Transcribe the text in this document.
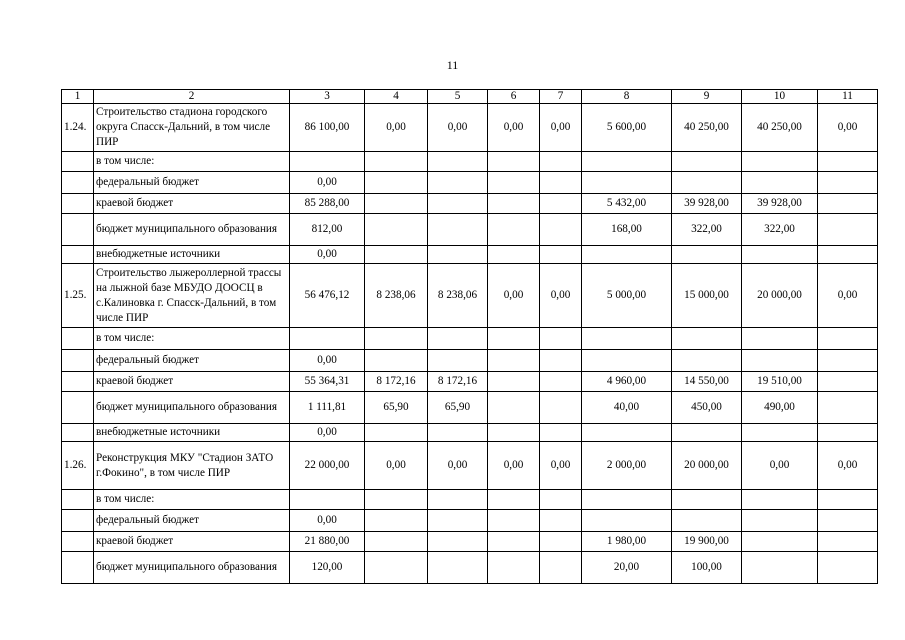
11
1	2	3	4	5	6	7	8	9	10	11
1.24.	Строительство стадиона городского округа Спасск-Дальний, в том числе ПИР	86 100,00	0,00	0,00	0,00	0,00	5 600,00	40 250,00	40 250,00	0,00
	в том числе:									
	федеральный бюджет	0,00								
	краевой бюджет	85 288,00					5 432,00	39 928,00	39 928,00	
	бюджет муниципального образования	812,00					168,00	322,00	322,00	
	внебюджетные источники	0,00								
1.25.	Строительство лыжероллерной трассы на лыжной базе МБУДО ДООСЦ в с.Калиновка г. Спасск-Дальний, в том числе ПИР	56 476,12	8 238,06	8 238,06	0,00	0,00	5 000,00	15 000,00	20 000,00	0,00
	в том числе:									
	федеральный бюджет	0,00								
	краевой бюджет	55 364,31	8 172,16	8 172,16			4 960,00	14 550,00	19 510,00	
	бюджет муниципального образования	1 111,81	65,90	65,90			40,00	450,00	490,00	
	внебюджетные источники	0,00								
1.26.	Реконструкция МКУ "Стадион ЗАТО г.Фокино", в том числе ПИР	22 000,00	0,00	0,00	0,00	0,00	2 000,00	20 000,00	0,00	0,00
	в том числе:									
	федеральный бюджет	0,00								
	краевой бюджет	21 880,00					1 980,00	19 900,00		
	бюджет муниципального образования	120,00					20,00	100,00		
